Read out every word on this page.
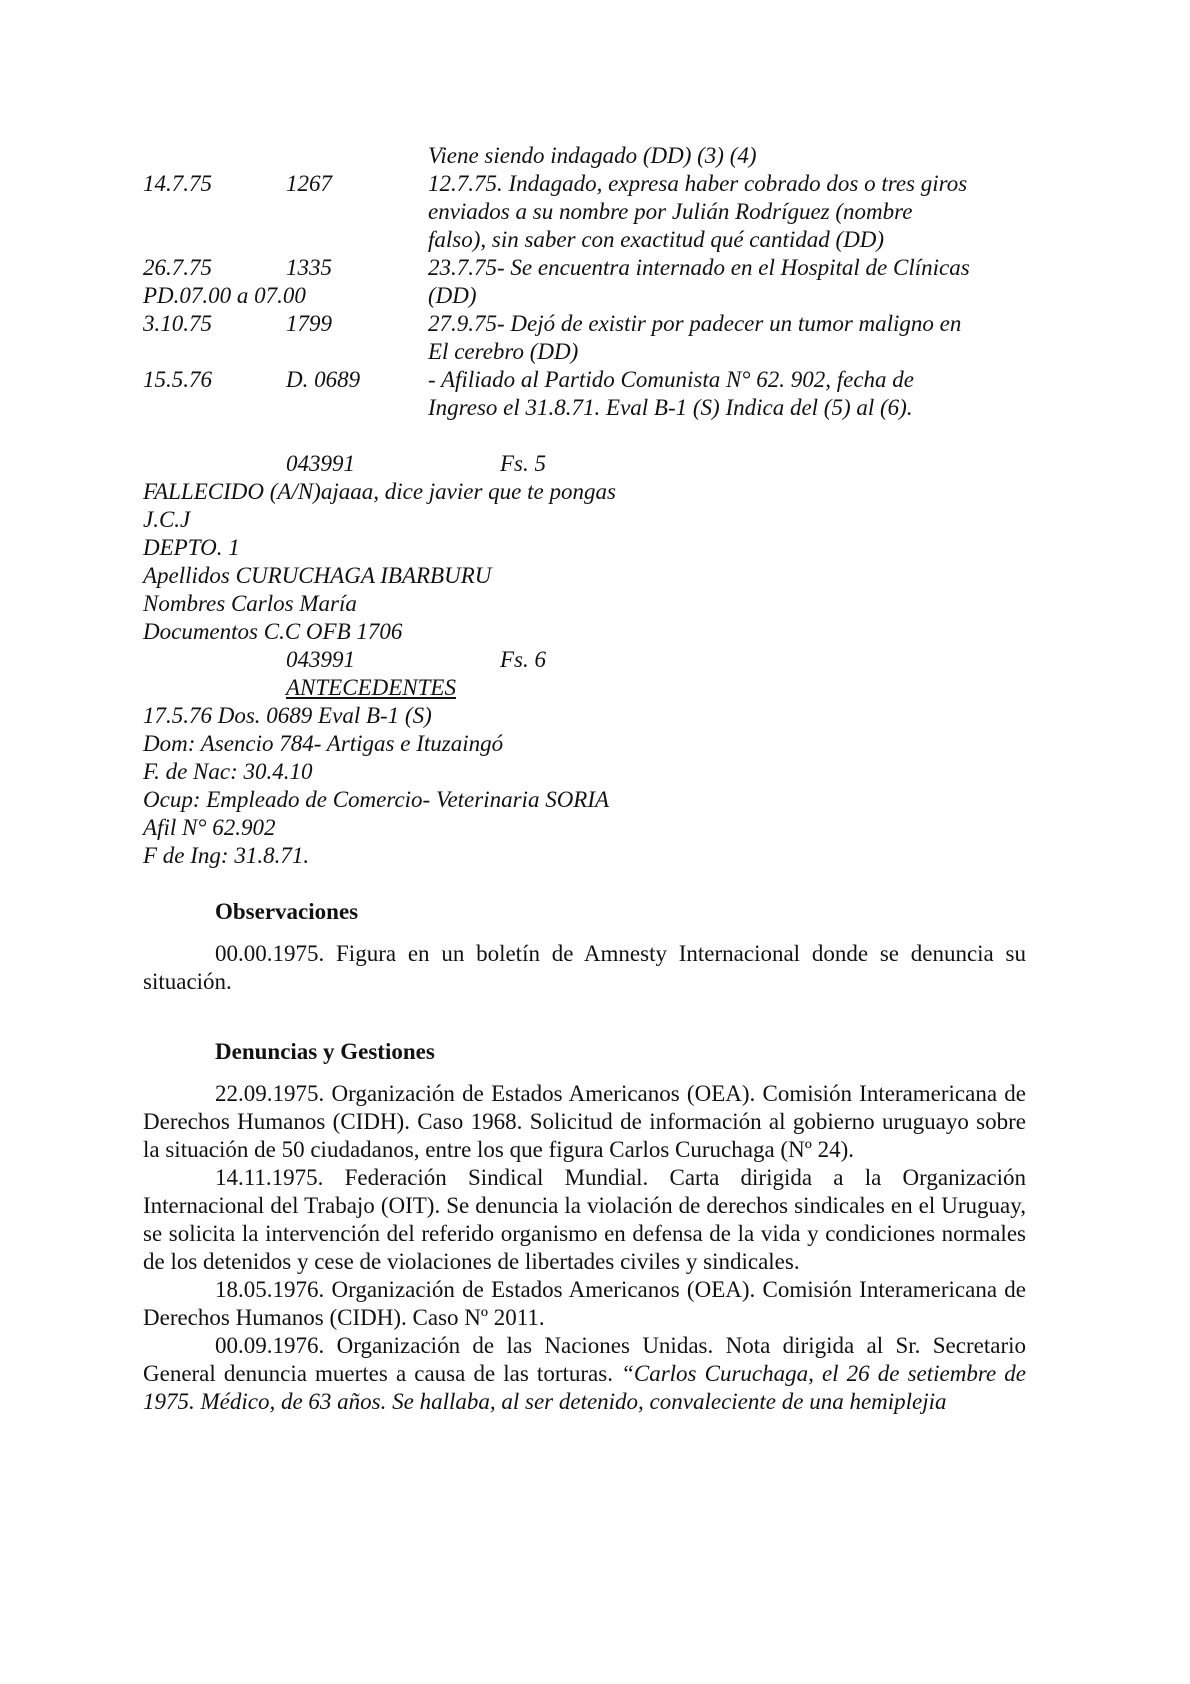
Viene siendo indagado (DD) (3) (4)
14.7.75	1267	12.7.75. Indagado, expresa haber cobrado dos o tres giros
enviados a su nombre por Julián Rodríguez (nombre
falso), sin saber con exactitud qué cantidad (DD)
26.7.75	1335	23.7.75- Se encuentra internado en el Hospital de Clínicas
PD.07.00 a 07.00	(DD)
3.10.75	1799	27.9.75- Dejó de existir por padecer un tumor maligno en
El cerebro (DD)
15.5.76	D. 0689	- Afiliado al Partido Comunista N° 62. 902, fecha de
Ingreso el 31.8.71. Eval B-1 (S) Indica del (5) al (6).
043991	Fs. 5
FALLECIDO (A/N)ajaaa, dice javier que te pongas
J.C.J
DEPTO. 1
Apellidos CURUCHAGA IBARBURU
Nombres Carlos María
Documentos C.C OFB 1706
043991	Fs. 6
ANTECEDENTES
17.5.76 Dos. 0689 Eval B-1 (S)
Dom: Asencio 784- Artigas e Ituzaingó
F. de Nac: 30.4.10
Ocup: Empleado de Comercio- Veterinaria SORIA
Afil N° 62.902
F de Ing: 31.8.71.
Observaciones

00.00.1975. Figura en un boletín de Amnesty Internacional donde se denuncia su situación.

Denuncias y Gestiones

22.09.1975. Organización de Estados Americanos (OEA). Comisión Interamericana de Derechos Humanos (CIDH). Caso 1968. Solicitud de información al gobierno uruguayo sobre la situación de 50 ciudadanos, entre los que figura Carlos Curuchaga (Nº 24).

14.11.1975. Federación Sindical Mundial. Carta dirigida a la Organización Internacional del Trabajo (OIT). Se denuncia la violación de derechos sindicales en el Uruguay, se solicita la intervención del referido organismo en defensa de la vida y condiciones normales de los detenidos y cese de violaciones de libertades civiles y sindicales.

18.05.1976. Organización de Estados Americanos (OEA). Comisión Interamericana de Derechos Humanos (CIDH). Caso Nº 2011.

00.09.1976. Organización de las Naciones Unidas. Nota dirigida al Sr. Secretario General denuncia muertes a causa de las torturas. “Carlos Curuchaga, el 26 de setiembre de 1975. Médico, de 63 años. Se hallaba, al ser detenido, convaleciente de una hemiplejia
